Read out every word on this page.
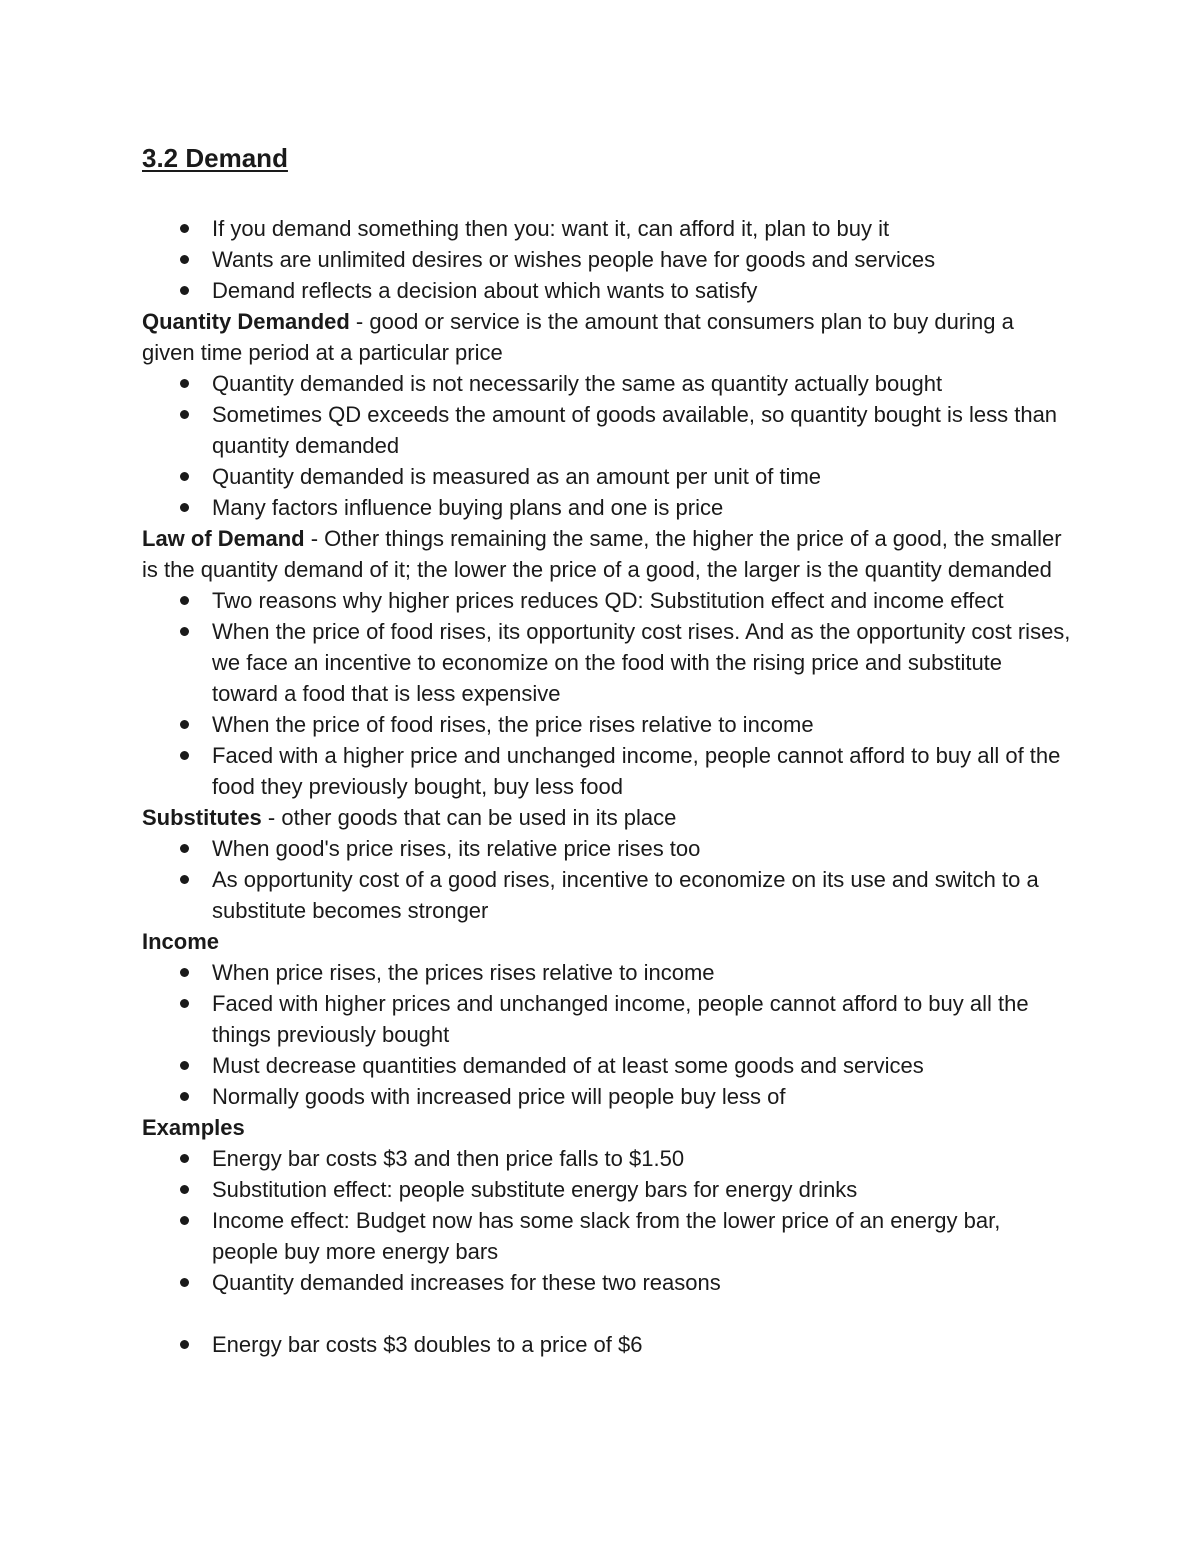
3.2 Demand
If you demand something then you: want it, can afford it, plan to buy it
Wants are unlimited desires or wishes people have for goods and services
Demand reflects a decision about which wants to satisfy

Quantity Demanded - good or service is the amount that consumers plan to buy during a given time period at a particular price

Quantity demanded is not necessarily the same as quantity actually bought
Sometimes QD exceeds the amount of goods available, so quantity bought is less than quantity demanded
Quantity demanded is measured as an amount per unit of time
Many factors influence buying plans and one is price

Law of Demand - Other things remaining the same, the higher the price of a good, the smaller is the quantity demand of it; the lower the price of a good, the larger is the quantity demanded

Two reasons why higher prices reduces QD: Substitution effect and income effect
When the price of food rises, its opportunity cost rises. And as the opportunity cost rises, we face an incentive to economize on the food with the rising price and substitute toward a food that is less expensive
When the price of food rises, the price rises relative to income
Faced with a higher price and unchanged income, people cannot afford to buy all of the food they previously bought, buy less food

Substitutes - other goods that can be used in its place

When good's price rises, its relative price rises too
As opportunity cost of a good rises, incentive to economize on its use and switch to a substitute becomes stronger

Income

When price rises, the prices rises relative to income
Faced with higher prices and unchanged income, people cannot afford to buy all the things previously bought
Must decrease quantities demanded of at least some goods and services
Normally goods with increased price will people buy less of

Examples

Energy bar costs $3 and then price falls to $1.50
Substitution effect: people substitute energy bars for energy drinks
Income effect: Budget now has some slack from the lower price of an energy bar, people buy more energy bars
Quantity demanded increases for these two reasons
Energy bar costs $3 doubles to a price of $6
